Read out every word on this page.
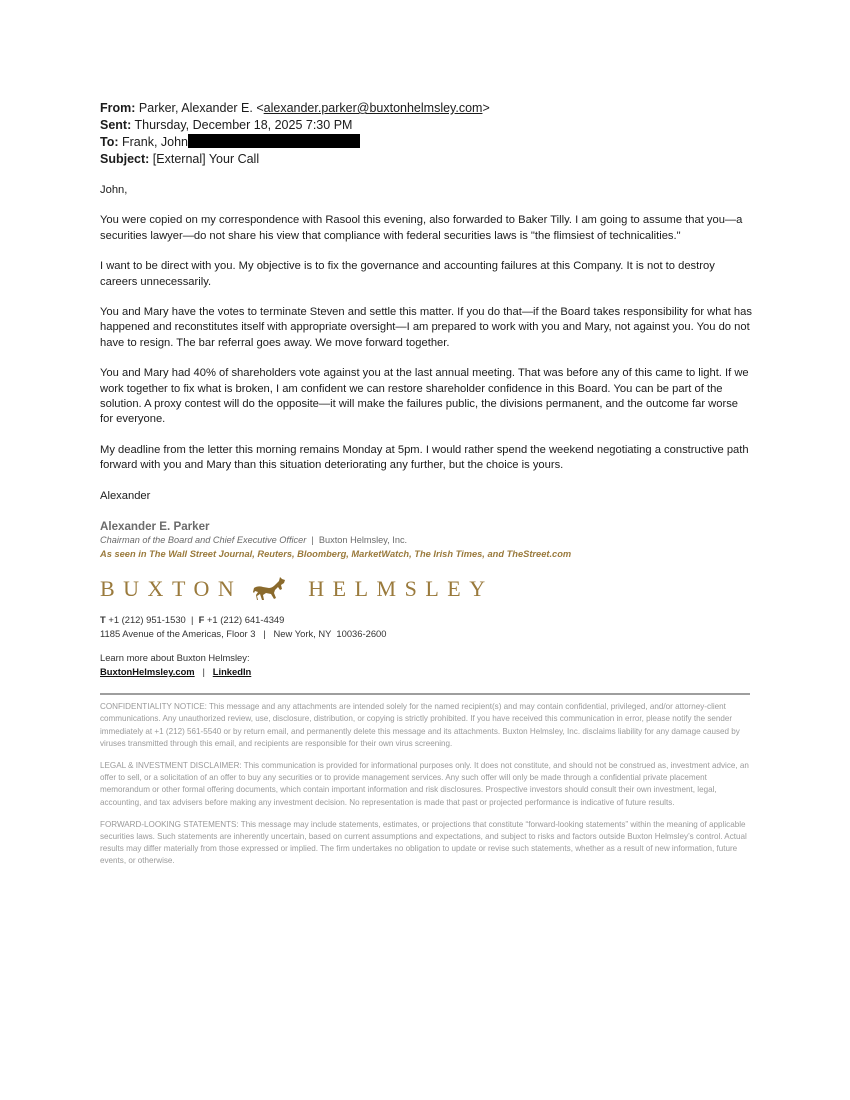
From: Parker, Alexander E. <alexander.parker@buxtonhelmsley.com>
Sent: Thursday, December 18, 2025 7:30 PM
To: Frank, John
Subject: [External] Your Call

John,

You were copied on my correspondence with Rasool this evening, also forwarded to Baker Tilly. I am going to assume that you—a securities lawyer—do not share his view that compliance with federal securities laws is "the flimsiest of technicalities."

I want to be direct with you. My objective is to fix the governance and accounting failures at this Company. It is not to destroy careers unnecessarily.

You and Mary have the votes to terminate Steven and settle this matter. If you do that—if the Board takes responsibility for what has happened and reconstitutes itself with appropriate oversight—I am prepared to work with you and Mary, not against you. You do not have to resign. The bar referral goes away. We move forward together.

You and Mary had 40% of shareholders vote against you at the last annual meeting. That was before any of this came to light. If we work together to fix what is broken, I am confident we can restore shareholder confidence in this Board. You can be part of the solution. A proxy contest will do the opposite—it will make the failures public, the divisions permanent, and the outcome far worse for everyone.

My deadline from the letter this morning remains Monday at 5pm. I would rather spend the weekend negotiating a constructive path forward with you and Mary than this situation deteriorating any further, but the choice is yours.

Alexander

Alexander E. Parker
Chairman of the Board and Chief Executive Officer | Buxton Helmsley, Inc.
As seen in The Wall Street Journal, Reuters, Bloomberg, MarketWatch, The Irish Times, and TheStreet.com
BUXTON	HELMSLEY
T +1 (212) 951-1530  |  F +1 (212) 641-4349
1185 Avenue of the Americas, Floor 3   |   New York, NY  10036-2600
Learn more about Buxton Helmsley:
BuxtonHelmsley.com   |   LinkedIn

CONFIDENTIALITY NOTICE: This message and any attachments are intended solely for the named recipient(s) and may contain confidential, privileged, and/or attorney-client communications. Any unauthorized review, use, disclosure, distribution, or copying is strictly prohibited. If you have received this communication in error, please notify the sender immediately at +1 (212) 561-5540 or by return email, and permanently delete this message and its attachments. Buxton Helmsley, Inc. disclaims liability for any damage caused by viruses transmitted through this email, and recipients are responsible for their own virus screening.

LEGAL & INVESTMENT DISCLAIMER: This communication is provided for informational purposes only. It does not constitute, and should not be construed as, investment advice, an offer to sell, or a solicitation of an offer to buy any securities or to provide management services. Any such offer will only be made through a confidential private placement memorandum or other formal offering documents, which contain important information and risk disclosures. Prospective investors should consult their own investment, legal, accounting, and tax advisers before making any investment decision. No representation is made that past or projected performance is indicative of future results.

FORWARD-LOOKING STATEMENTS: This message may include statements, estimates, or projections that constitute “forward-looking statements” within the meaning of applicable securities laws. Such statements are inherently uncertain, based on current assumptions and expectations, and subject to risks and factors outside Buxton Helmsley’s control. Actual results may differ materially from those expressed or implied. The firm undertakes no obligation to update or revise such statements, whether as a result of new information, future events, or otherwise.
